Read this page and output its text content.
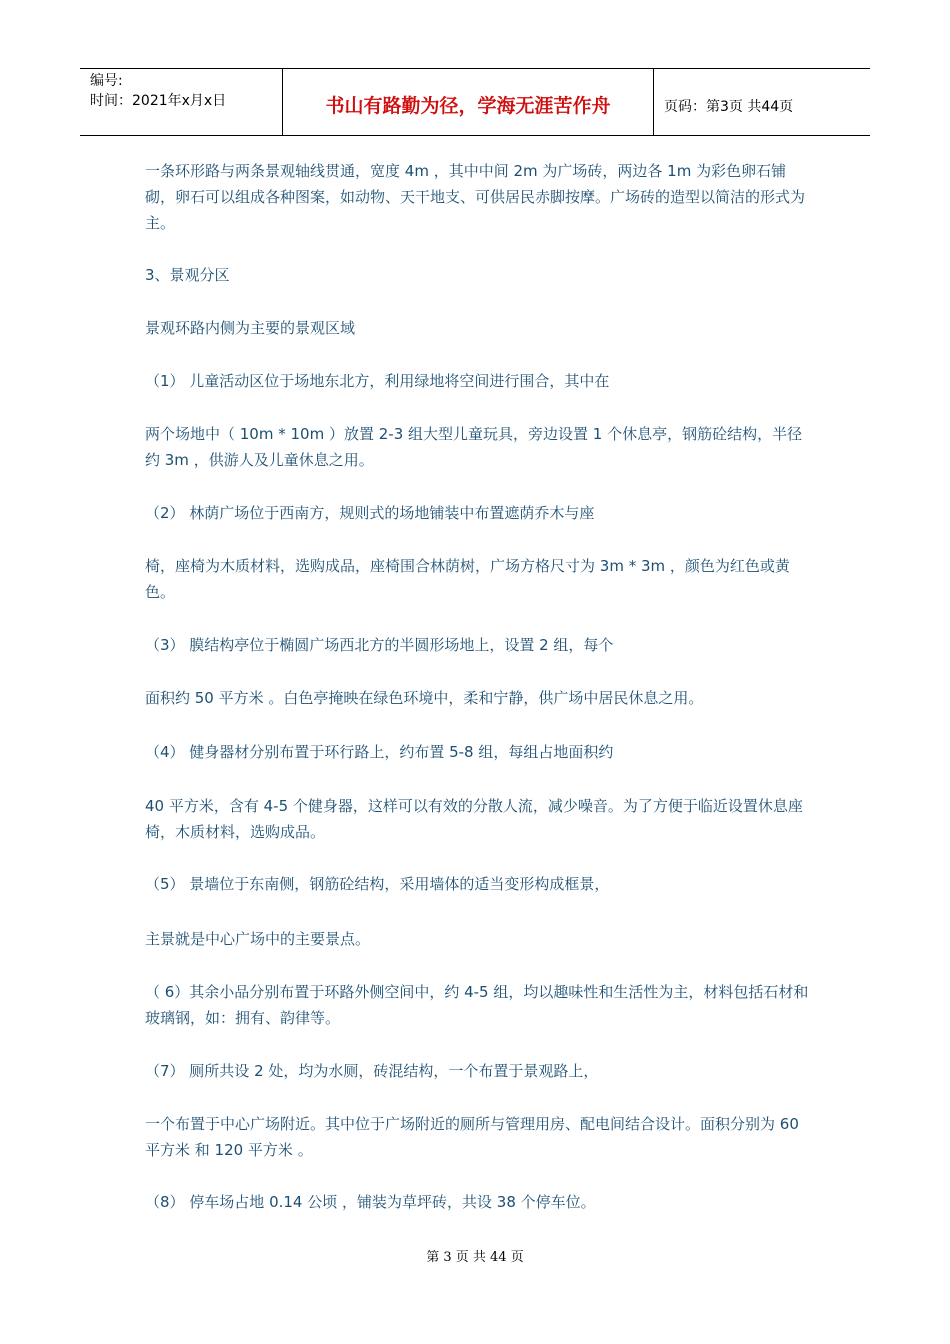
编号:
时间：2021年x月x日	书山有路勤为径，学海无涯苦作舟	页码：第3页 共44页
一条环形路与两条景观轴线贯通，宽度 4m ，其中中间 2m 为广场砖，两边各 1m 为彩色卵石铺砌，卵石可以组成各种图案，如动物、天干地支、可供居民赤脚按摩。广场砖的造型以简洁的形式为主。
3、景观分区
景观环路内侧为主要的景观区域
（1） 儿童活动区位于场地东北方，利用绿地将空间进行围合，其中在
两个场地中（ 10m * 10m ）放置 2-3 组大型儿童玩具，旁边设置 1 个休息亭，钢筋砼结构，半径约 3m ，供游人及儿童休息之用。
（2） 林荫广场位于西南方，规则式的场地铺装中布置遮荫乔木与座
椅，座椅为木质材料，选购成品，座椅围合林荫树，广场方格尺寸为 3m * 3m ，颜色为红色或黄色。
（3） 膜结构亭位于椭圆广场西北方的半圆形场地上，设置 2 组，每个
面积约 50 平方米 。白色亭掩映在绿色环境中，柔和宁静，供广场中居民休息之用。
（4） 健身器材分别布置于环行路上，约布置 5-8 组，每组占地面积约
40 平方米，含有 4-5 个健身器，这样可以有效的分散人流，减少噪音。为了方便于临近设置休息座椅，木质材料，选购成品。
（5） 景墙位于东南侧，钢筋砼结构，采用墙体的适当变形构成框景，
主景就是中心广场中的主要景点。
（ 6）其余小品分别布置于环路外侧空间中，约 4-5 组，均以趣味性和生活性为主，材料包括石材和玻璃钢，如：拥有、韵律等。
（7） 厕所共设 2 处，均为水厕，砖混结构，一个布置于景观路上，
一个布置于中心广场附近。其中位于广场附近的厕所与管理用房、配电间结合设计。面积分别为 60 平方米 和 120 平方米 。
（8） 停车场占地 0.14 公顷 ，铺装为草坪砖，共设 38 个停车位。
第 3 页 共 44 页
